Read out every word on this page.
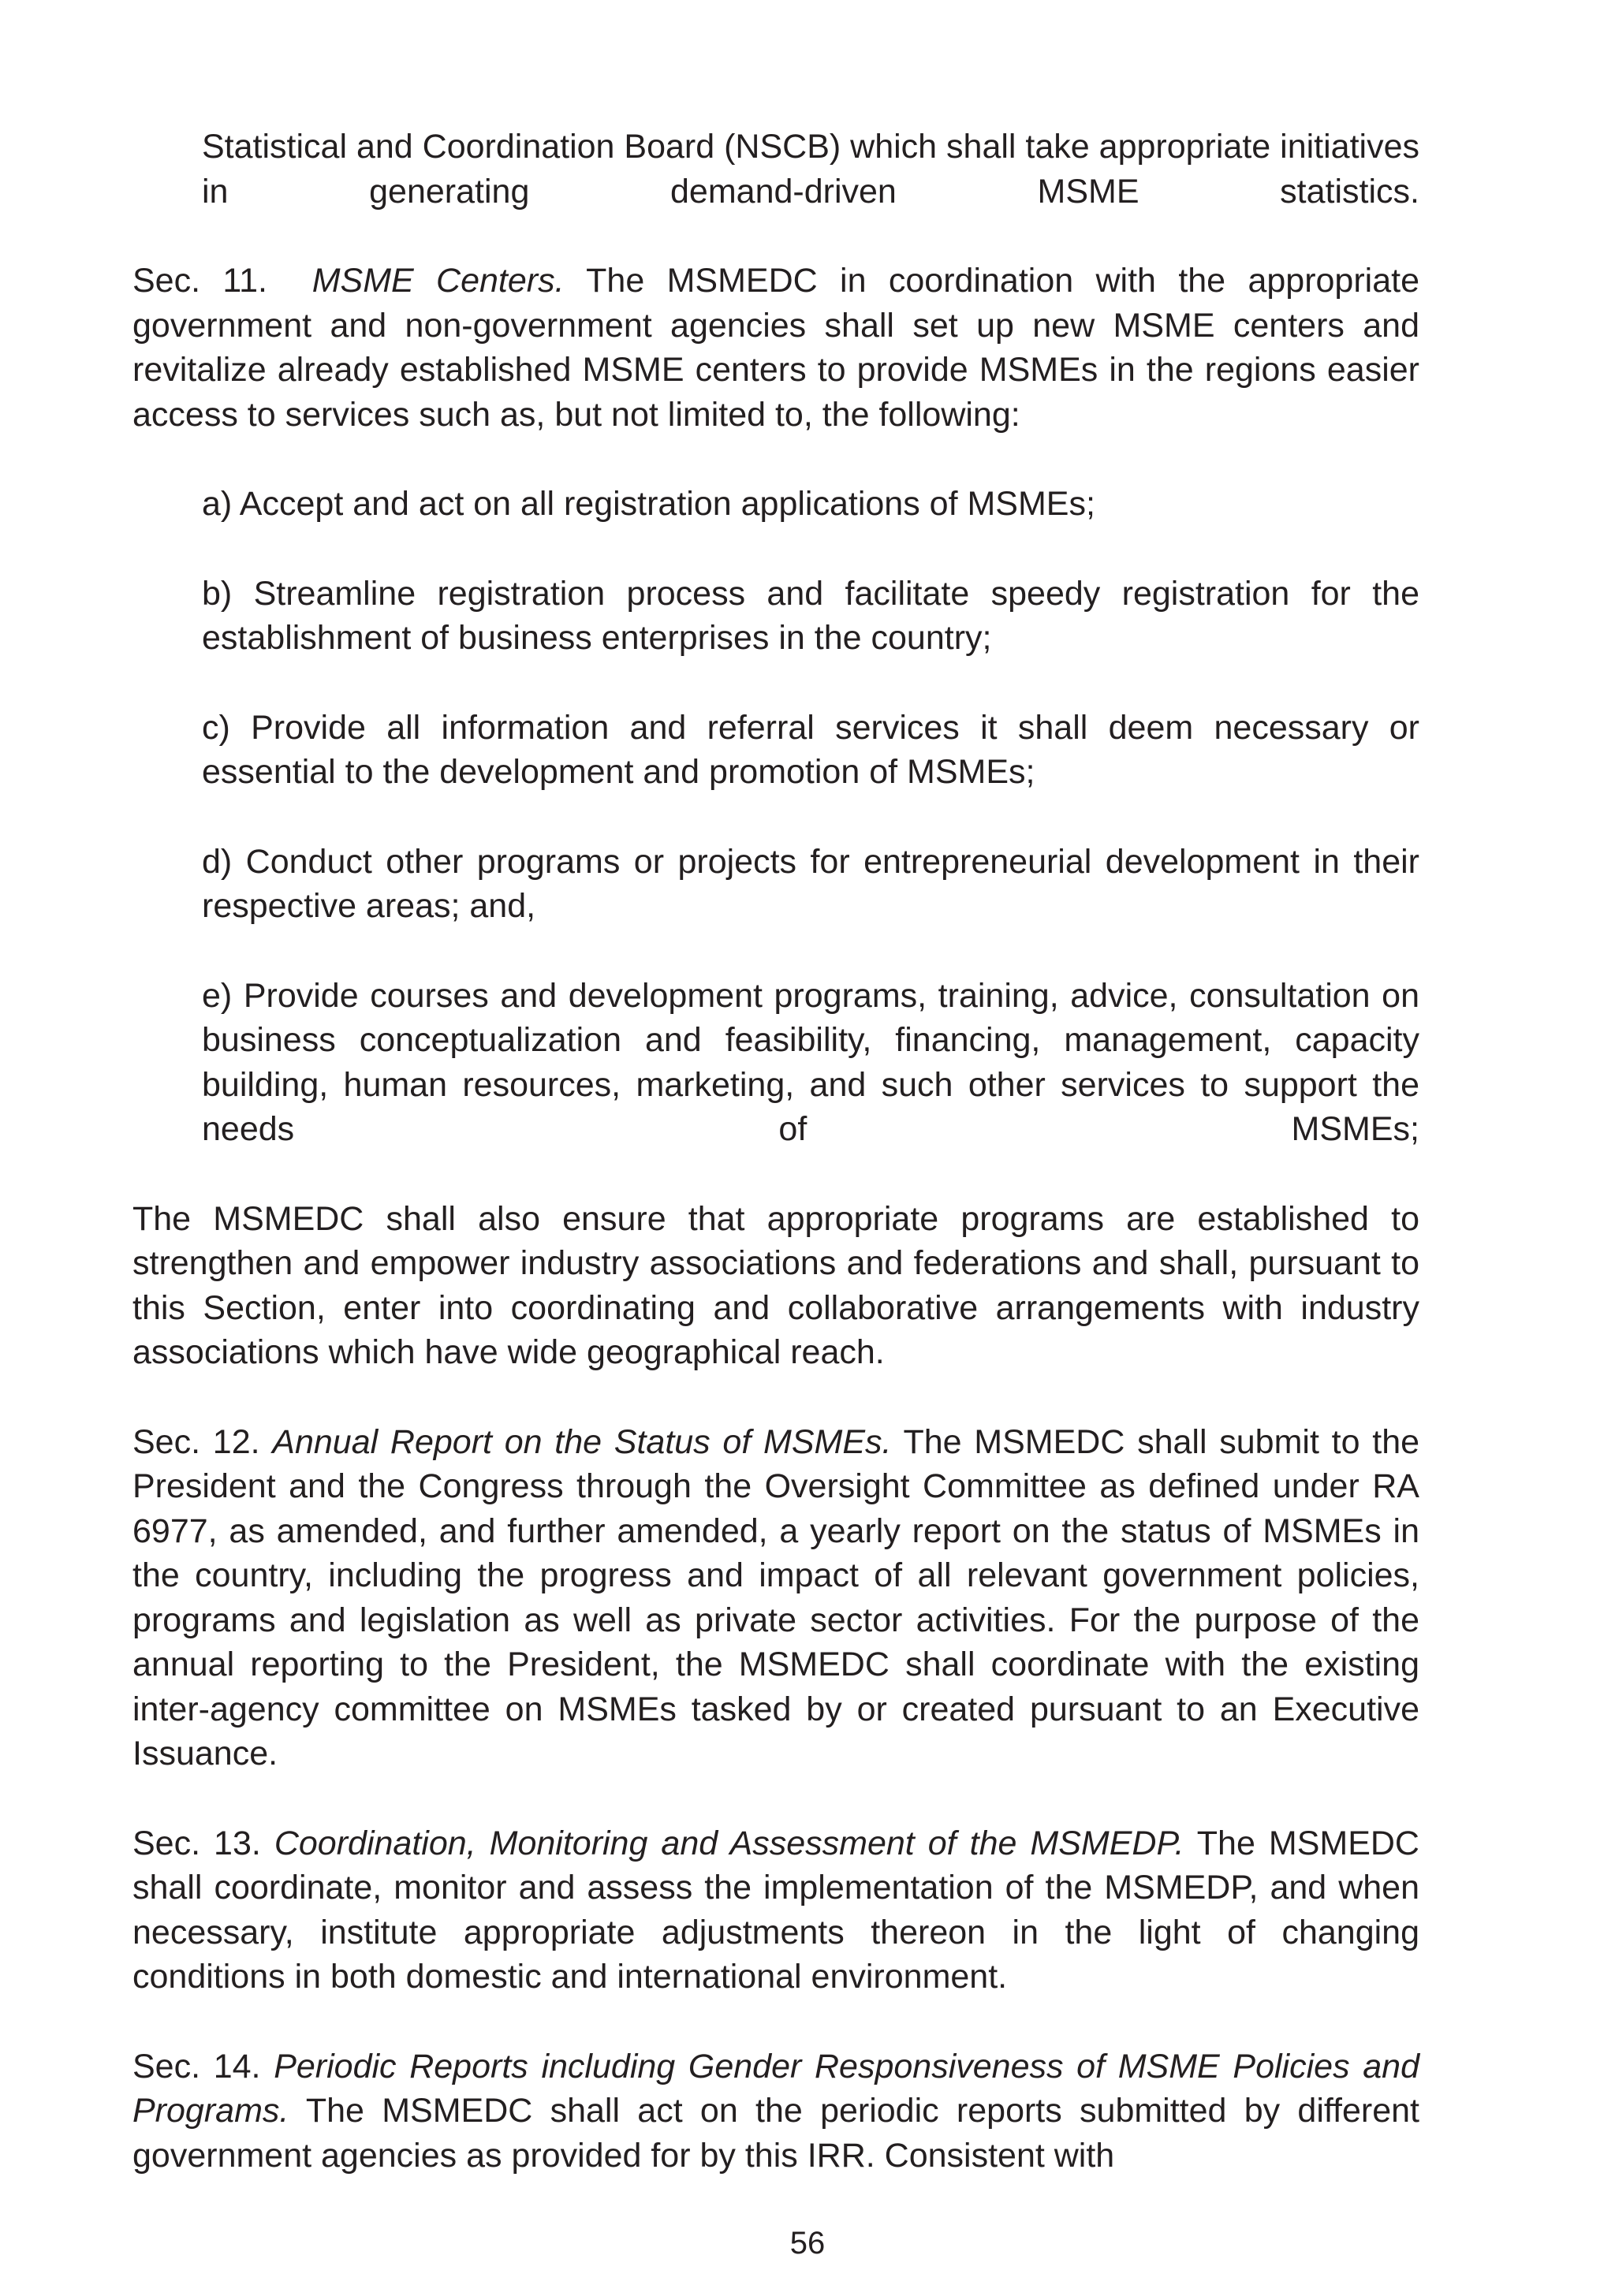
Statistical and Coordination Board (NSCB) which shall take appropriate initiatives in generating demand-driven MSME statistics.

Sec. 11. MSME Centers. The MSMEDC in coordination with the appropriate government and non-government agencies shall set up new MSME centers and revitalize already established MSME centers to provide MSMEs in the regions easier access to services such as, but not limited to, the following:

a) Accept and act on all registration applications of MSMEs;

b) Streamline registration process and facilitate speedy registration for the establishment of business enterprises in the country;

c) Provide all information and referral services it shall deem necessary or essential to the development and promotion of MSMEs;

d) Conduct other programs or projects for entrepreneurial development in their respective areas; and,

e) Provide courses and development programs, training, advice, consultation on business conceptualization and feasibility, financing, management, capacity building, human resources, marketing, and such other services to support the needs of MSMEs;

The MSMEDC shall also ensure that appropriate programs are established to strengthen and empower industry associations and federations and shall, pursuant to this Section, enter into coordinating and collaborative arrangements with industry associations which have wide geographical reach.

Sec. 12. Annual Report on the Status of MSMEs. The MSMEDC shall submit to the President and the Congress through the Oversight Committee as defined under RA 6977, as amended, and further amended, a yearly report on the status of MSMEs in the country, including the progress and impact of all relevant government policies, programs and legislation as well as private sector activities. For the purpose of the annual reporting to the President, the MSMEDC shall coordinate with the existing inter-agency committee on MSMEs tasked by or created pursuant to an Executive Issuance.

Sec. 13. Coordination, Monitoring and Assessment of the MSMEDP. The MSMEDC shall coordinate, monitor and assess the implementation of the MSMEDP, and when necessary, institute appropriate adjustments thereon in the light of changing conditions in both domestic and international environment.

Sec. 14. Periodic Reports including Gender Responsiveness of MSME Policies and Programs. The MSMEDC shall act on the periodic reports submitted by different government agencies as provided for by this IRR. Consistent with

56
